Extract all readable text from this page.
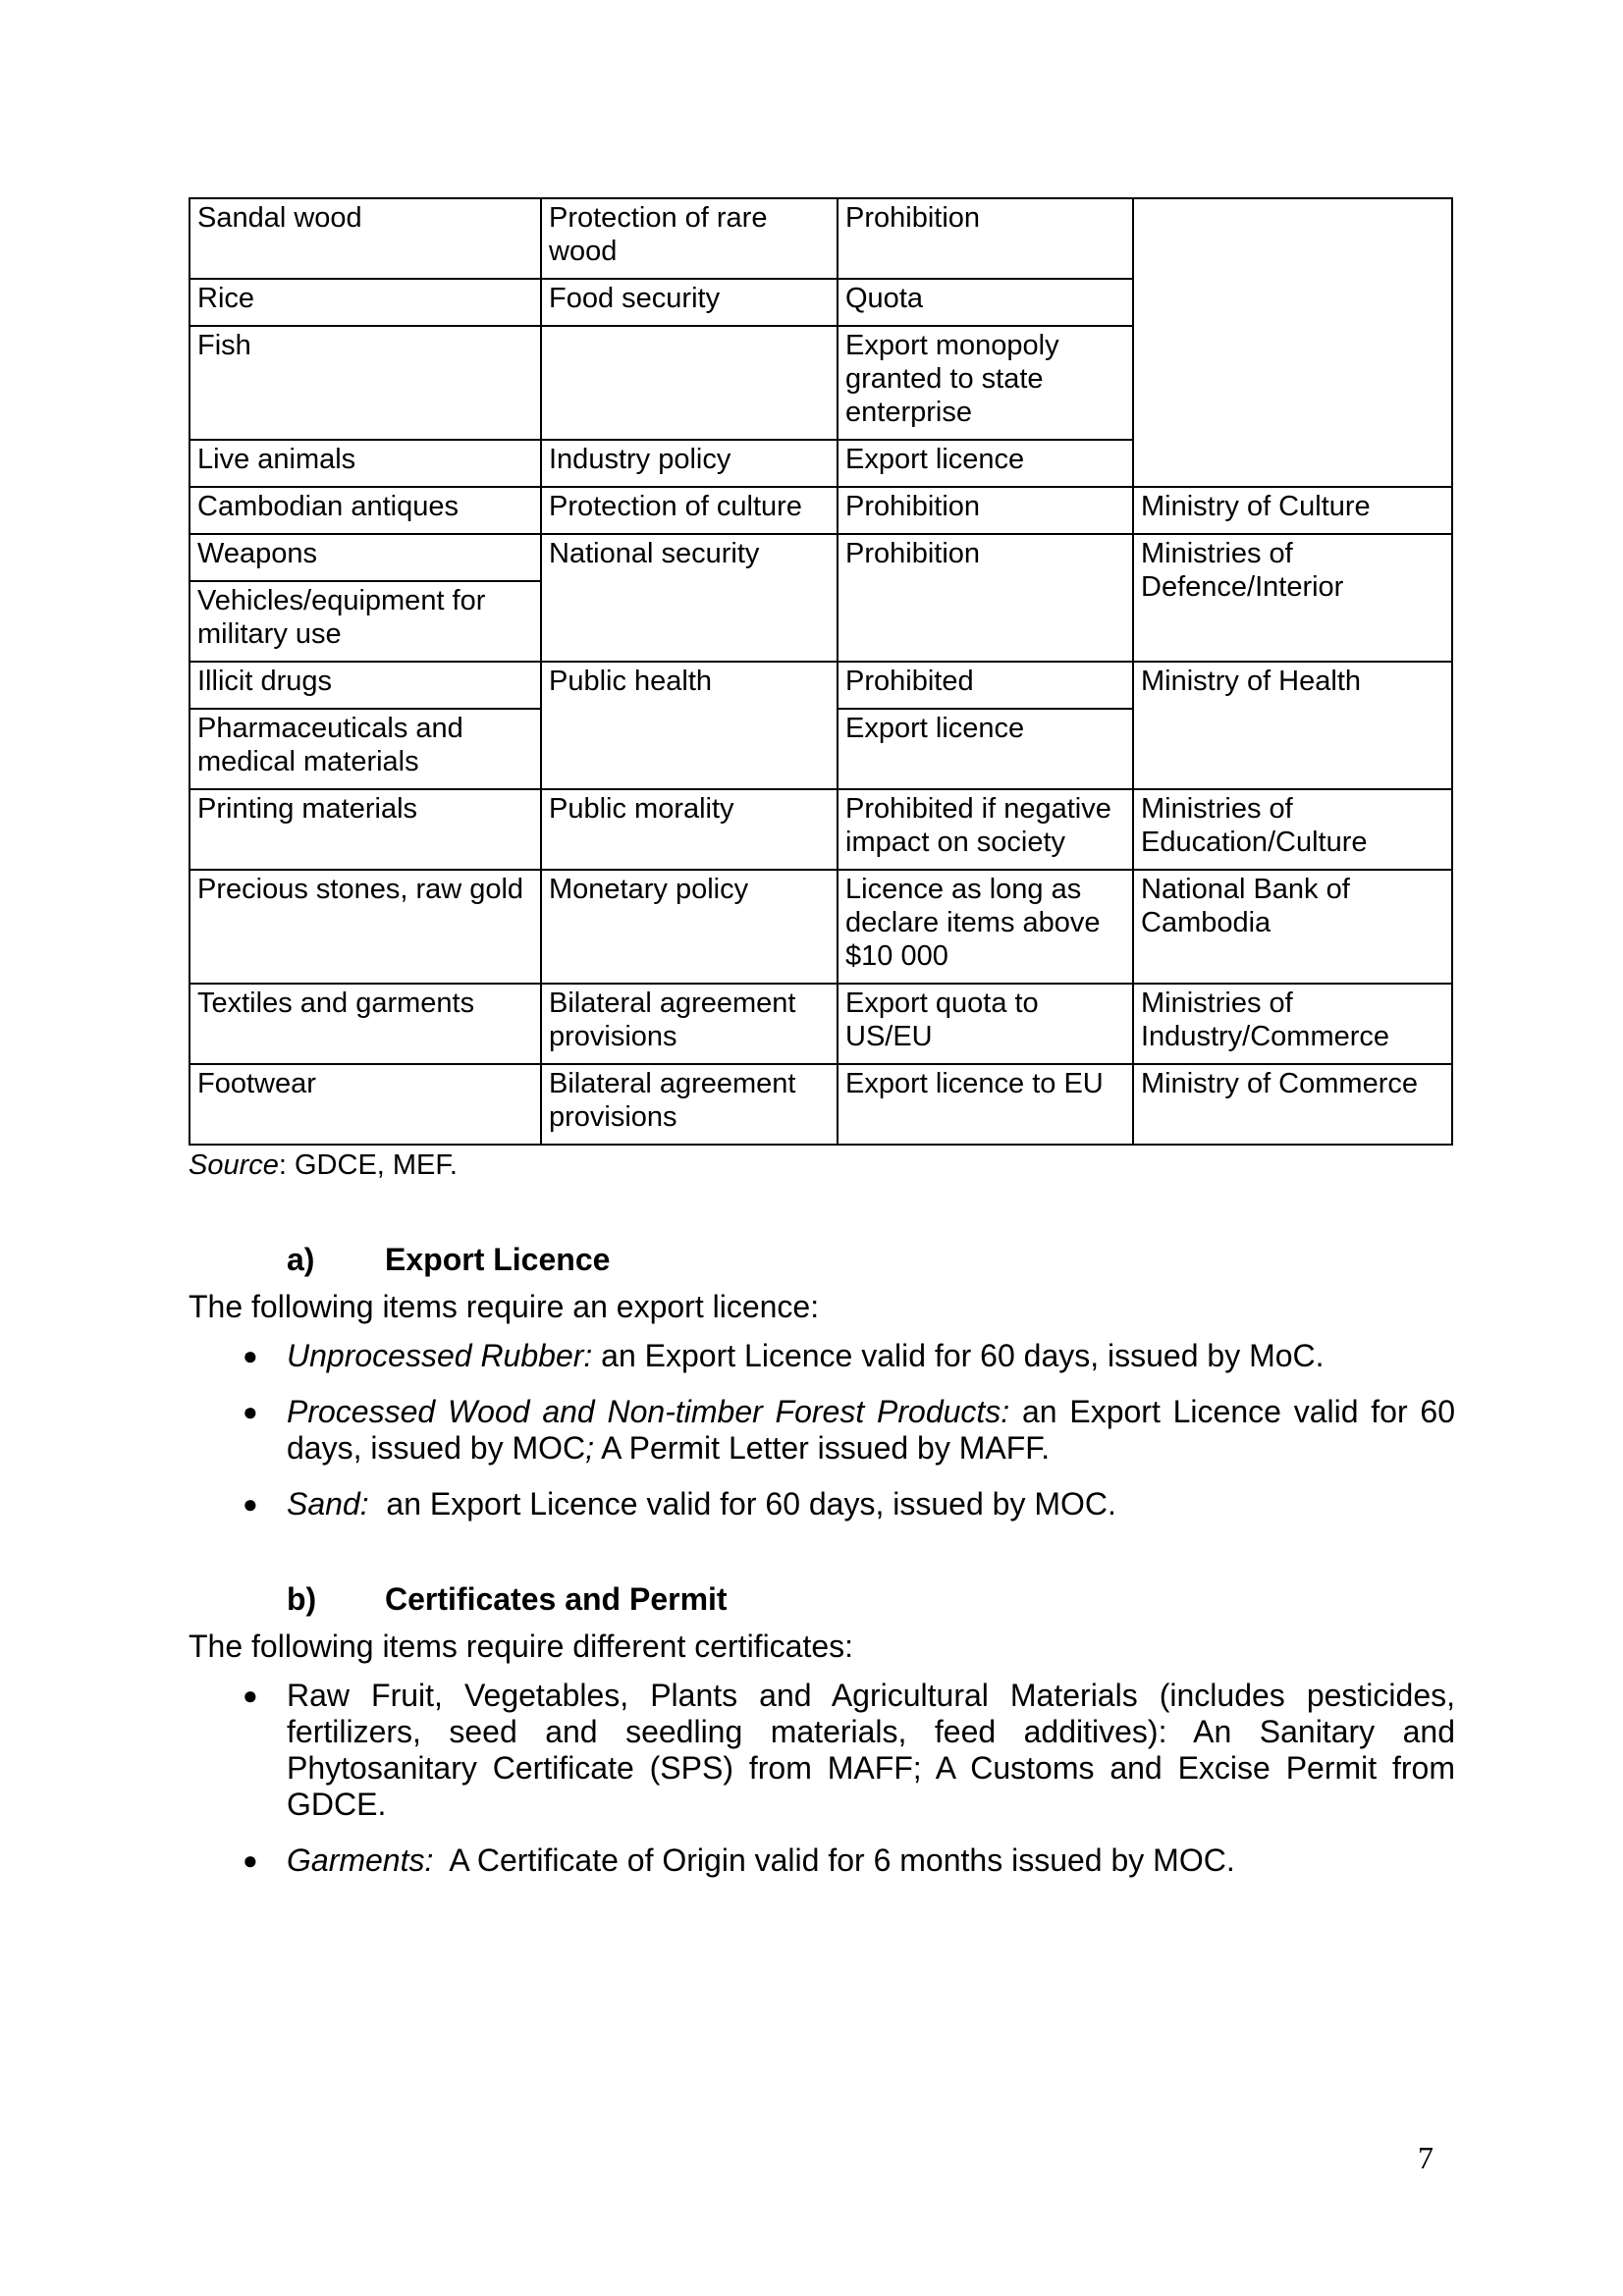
Sandal wood	Protection of rare wood	Prohibition	
Rice	Food security	Quota	
Fish		Export monopoly granted to state enterprise	
Live animals	Industry policy	Export licence	
Cambodian antiques	Protection of culture	Prohibition	Ministry of Culture
Weapons	National security	Prohibition	Ministries of Defence/Interior
Vehicles/equipment for military use			
Illicit drugs	Public health	Prohibited	Ministry of Health
Pharmaceuticals and medical materials		Export licence	
Printing materials	Public morality	Prohibited if negative impact on society	Ministries of Education/Culture
Precious stones, raw gold	Monetary policy	Licence as long as declare items above $10 000	National Bank of Cambodia
Textiles and garments	Bilateral agreement provisions	Export quota to US/EU	Ministries of Industry/Commerce
Footwear	Bilateral agreement provisions	Export licence to EU	Ministry of Commerce
Source: GDCE, MEF.
a) Export Licence
The following items require an export licence:
● Unprocessed Rubber: an Export Licence valid for 60 days, issued by MoC.
● Processed Wood and Non-timber Forest Products: an Export Licence valid for 60 days, issued by MOC; A Permit Letter issued by MAFF.
● Sand:  an Export Licence valid for 60 days, issued by MOC.
b) Certificates and Permit
The following items require different certificates:
● Raw Fruit, Vegetables, Plants and Agricultural Materials (includes pesticides, fertilizers, seed and seedling materials, feed additives): An Sanitary and Phytosanitary Certificate (SPS) from MAFF; A Customs and Excise Permit from GDCE.
● Garments:  A Certificate of Origin valid for 6 months issued by MOC.
7
